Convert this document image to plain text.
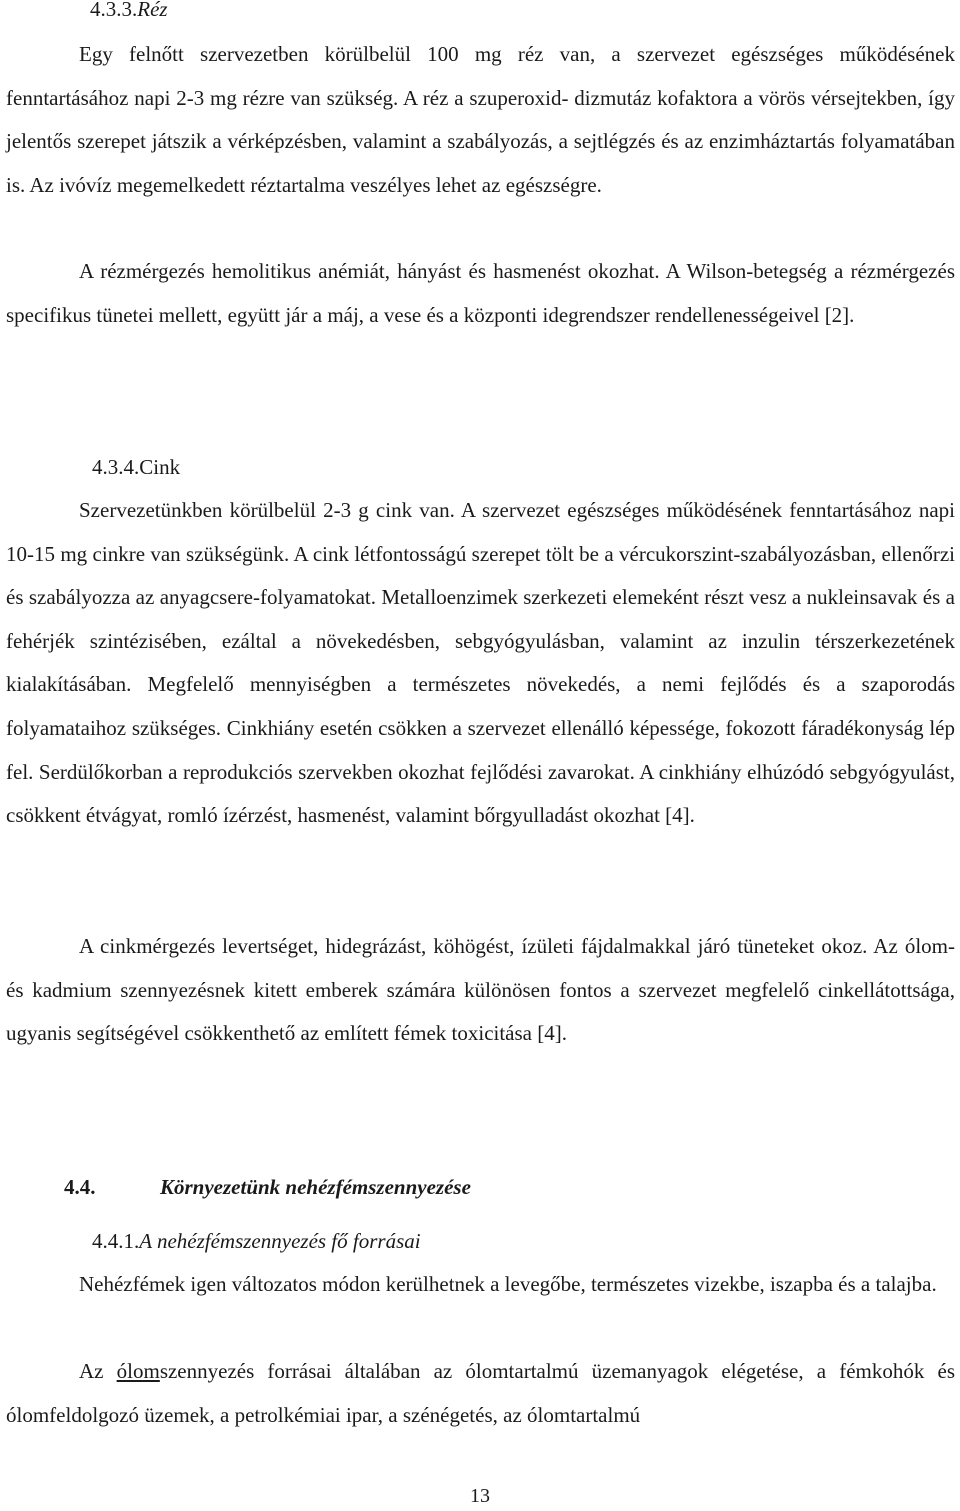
4.3.3.Réz

Egy felnőtt szervezetben körülbelül 100 mg réz van, a szervezet egészséges működésének fenntartásához napi 2-3 mg rézre van szükség. A réz a szuperoxid- dizmutáz kofaktora a vörös vérsejtekben, így jelentős szerepet játszik a vérképzésben, valamint a szabályozás, a sejtlégzés és az enzimháztartás folyamatában is. Az ivóvíz megemelkedett réztartalma veszélyes lehet az egészségre.

A rézmérgezés hemolitikus anémiát, hányást és hasmenést okozhat. A Wilson-betegség a rézmérgezés specifikus tünetei mellett, együtt jár a máj, a vese és a központi idegrendszer rendellenességeivel [2].

4.3.4.Cink

Szervezetünkben körülbelül 2-3 g cink van. A szervezet egészséges működésének fenntartásához napi 10-15 mg cinkre van szükségünk. A cink létfontosságú szerepet tölt be a vércukorszint-szabályozásban, ellenőrzi és szabályozza az anyagcsere-folyamatokat. Metalloenzimek szerkezeti elemeként részt vesz a nukleinsavak és a fehérjék szintézisében, ezáltal a növekedésben, sebgyógyulásban, valamint az inzulin térszerkezetének kialakításában. Megfelelő mennyiségben a természetes növekedés, a nemi fejlődés és a szaporodás folyamataihoz szükséges. Cinkhiány esetén csökken a szervezet ellenálló képessége, fokozott fáradékonyság lép fel. Serdülőkorban a reprodukciós szervekben okozhat fejlődési zavarokat. A cinkhiány elhúzódó sebgyógyulást, csökkent étvágyat, romló ízérzést, hasmenést, valamint bőrgyulladást okozhat [4].

A cinkmérgezés levertséget, hidegrázást, köhögést, ízületi fájdalmakkal járó tüneteket okoz. Az ólom- és kadmium szennyezésnek kitett emberek számára különösen fontos a szervezet megfelelő cinkellátottsága, ugyanis segítségével csökkenthető az említett fémek toxicitása [4].

4.4.	Környezetünk nehézfémszennyezése
4.4.1.A nehézfémszennyezés fő forrásai

Nehézfémek igen változatos módon kerülhetnek a levegőbe, természetes vizekbe, iszapba és a talajba.

Az ólomszennyezés forrásai általában az ólomtartalmú üzemanyagok elégetése, a fémkohók és ólomfeldolgozó üzemek, a petrolkémiai ipar, a szénégetés, az ólomtartalmú

13
